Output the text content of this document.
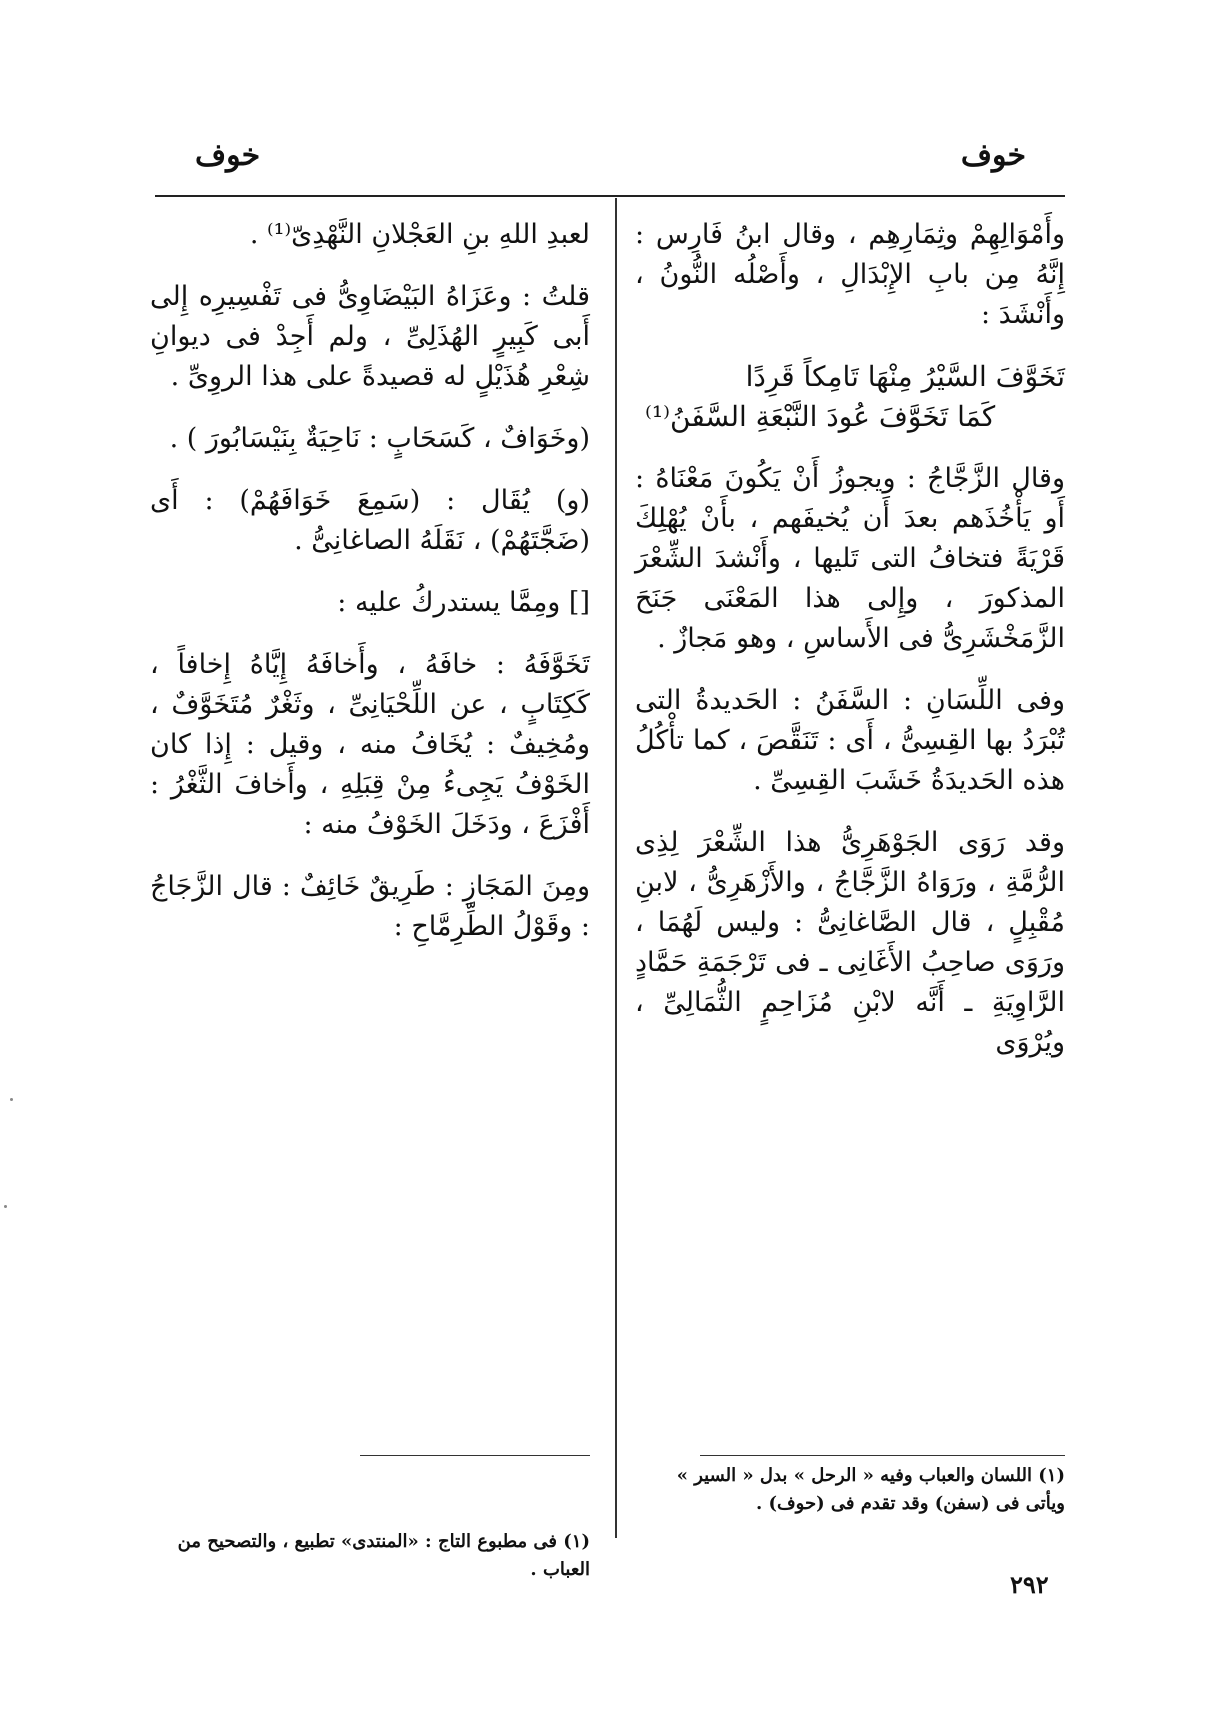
خوف
خوف

وأَمْوَالِهِمْ وثِمَارِهِم ، وقال ابنُ فَارِس : إِنَّهُ مِن بابِ الإِبْدَالِ ، وأَصْلُه النُّونُ ، وأَنْشَدَ :

تَخَوَّفَ السَّيْرُ مِنْهَا تَامِكاً قَرِدًا
كَمَا تَخَوَّفَ عُودَ النَّبْعَةِ السَّفَنُ⁽¹⁾

وقال الزَّجَّاجُ : ويجوزُ أَنْ يَكُونَ مَعْنَاهُ : أَو يَأْخُذَهم بعدَ أَن يُخيفَهم ، بأَنْ يُهْلِكَ قَرْيَةً فتخافُ التى تَليها ، وأَنْشدَ الشِّعْرَ المذكورَ ، وإِلى هذا المَعْنَى جَنَحَ الزَّمَخْشَرِىُّ فى الأَساسِ ، وهو مَجازٌ .

وفى اللِّسَانِ : السَّفَنُ : الحَديدةُ التى تُبْرَدُ بها القِسِىُّ ، أَى : تَنَقَّصَ ، كما تأْكُلُ هذه الحَديدَةُ خَشَبَ القِسِىِّ .

وقد رَوَى الجَوْهَرِىُّ هذا الشِّعْرَ لِذِى الرُّمَّةِ ، ورَوَاهُ الزَّجَّاجُ ، والأَزْهَرِىُّ ، لابنِ مُقْبِلٍ ، قال الصَّاغانِىُّ : وليس لَهُمَا ، ورَوَى صاحِبُ الأَغَانِى ـ فى تَرْجَمَةِ حَمَّادٍ الرَّاوِيَةِ ـ أَنَّه لابْنِ مُزَاحِمٍ الثُّمَالِىِّ ، ويُرْوَى

لعبدِ اللهِ بنِ العَجْلانِ النَّهْدِىّ⁽¹⁾ .

قلتُ : وعَزَاهُ البَيْضَاوِىُّ فى تَفْسِيرِه إِلى أَبى كَبِيرٍ الهُذَلِىِّ ، ولم أَجِدْ فى ديوانِ شِعْرِ هُذَيْلٍ له قصيدةً على هذا الروِىِّ .

(وخَوَافٌ ، كَسَحَابٍ : نَاحِيَةٌ بِنَيْسَابُورَ ) .

(و) يُقَال : (سَمِعَ خَوَافَهُمْ) : أَى (ضَجَّتَهُمْ) ، نَقَلَهُ الصاغانِىُّ .

[] ومِمَّا يستدركُ عليه :

تَخَوَّفَهُ : خافَهُ ، وأَخافَهُ إِيَّاهُ إِخافاً ، كَكِتَابٍ ، عن اللِّحْيَانِىِّ ، وثَغْرٌ مُتَخَوَّفٌ ، ومُخِيفٌ : يُخَافُ منه ، وقيل : إِذا كان الخَوْفُ يَجِىءُ مِنْ قِبَلِهِ ، وأَخافَ الثَّغْرُ : أَفْزَعَ ، ودَخَلَ الخَوْفُ منه :

ومِنَ المَجَازِ : طَرِيقٌ خَائِفٌ : قال الزَّجَاجُ : وقَوْلُ الطِّرِمَّاحِ :

(١) اللسان والعباب وفيه « الرحل » بدل « السير » ويأتى فى (سفن) وقد تقدم فى (حوف) .
(١) فى مطبوع التاج : «المنتدى» تطبيع ، والتصحيح من العباب .
٢٩٢
